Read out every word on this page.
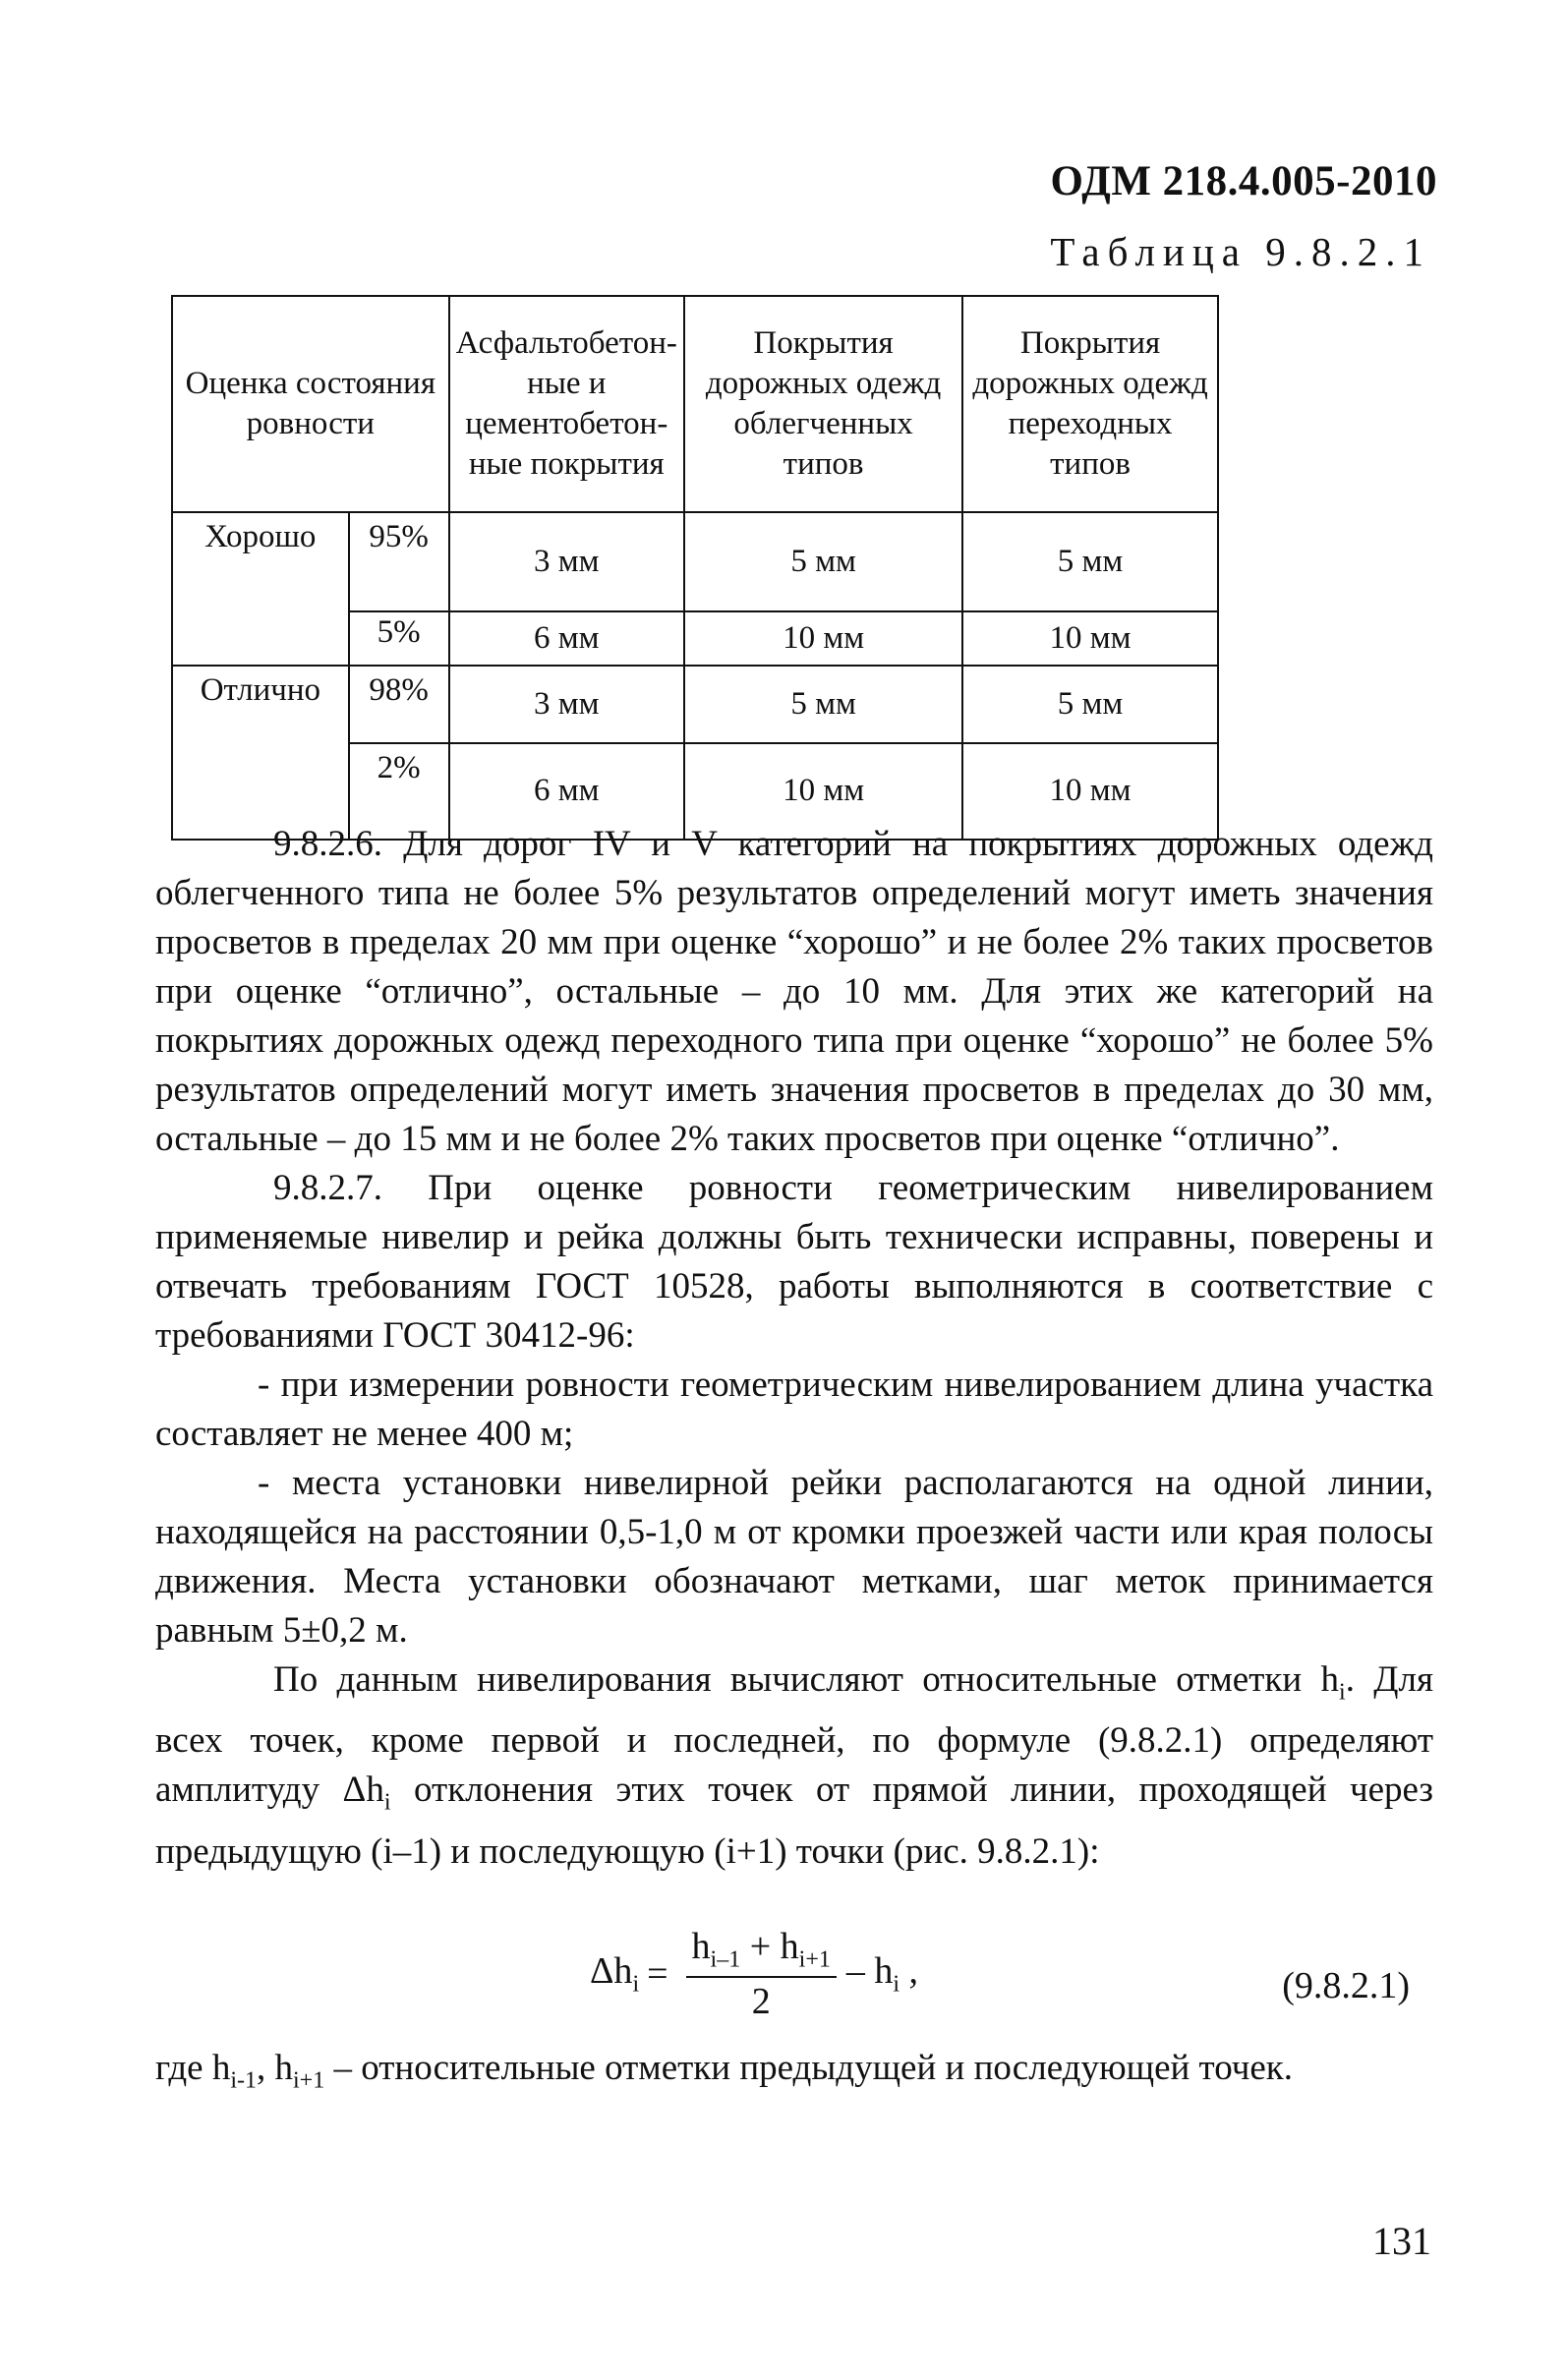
ОДМ 218.4.005-2010
Таблица 9.8.2.1
Оценка состояния ровности		Асфальтобетон-ные и цементобетон-ные покрытия	Покрытия дорожных одежд облегченных типов	Покрытия дорожных одежд переходных типов
Хорошо	95%	3 мм	5 мм	5 мм
	5%	6 мм	10 мм	10 мм
Отлично	98%	3 мм	5 мм	5 мм
	2%	6 мм	10 мм	10 мм

9.8.2.6. Для дорог IV и V категорий на покрытиях дорожных одежд облегченного типа не более 5% результатов определений могут иметь значения просветов в пределах 20 мм при оценке “хорошо” и не более 2% таких просветов при оценке “отлично”, остальные – до 10 мм. Для этих же категорий на покрытиях дорожных одежд переходного типа при оценке “хорошо” не более 5% результатов определений могут иметь значения просветов в пределах до 30 мм, остальные – до 15 мм и не более 2% таких просветов при оценке “отлично”.

9.8.2.7. При оценке ровности геометрическим нивелированием применяемые нивелир и рейка должны быть технически исправны, поверены и отвечать требованиям ГОСТ 10528, работы выполняются в соответствие с требованиями ГОСТ 30412-96:

- при измерении ровности геометрическим нивелированием длина участка составляет не менее 400 м;

- места установки нивелирной рейки располагаются на одной линии, находящейся на расстоянии 0,5-1,0 м от кромки проезжей части или края полосы движения. Места установки обозначают метками, шаг меток принимается равным 5±0,2 м.

По данным нивелирования вычисляют относительные отметки $h_i$. Для всех точек, кроме первой и последней, по формуле (9.8.2.1) определяют амплитуду $\Delta h_i$ отклонения этих точек от прямой линии, проходящей через предыдущую (i–1) и последующую (i+1) точки (рис. 9.8.2.1):

$\Delta h_i = \frac{h_{i-1} + h_{i+1}}{2} - h_i$ ,	(9.8.2.1)
где $h_{i-1}$, $h_{i+1}$ – относительные отметки предыдущей и последующей точек.
131
